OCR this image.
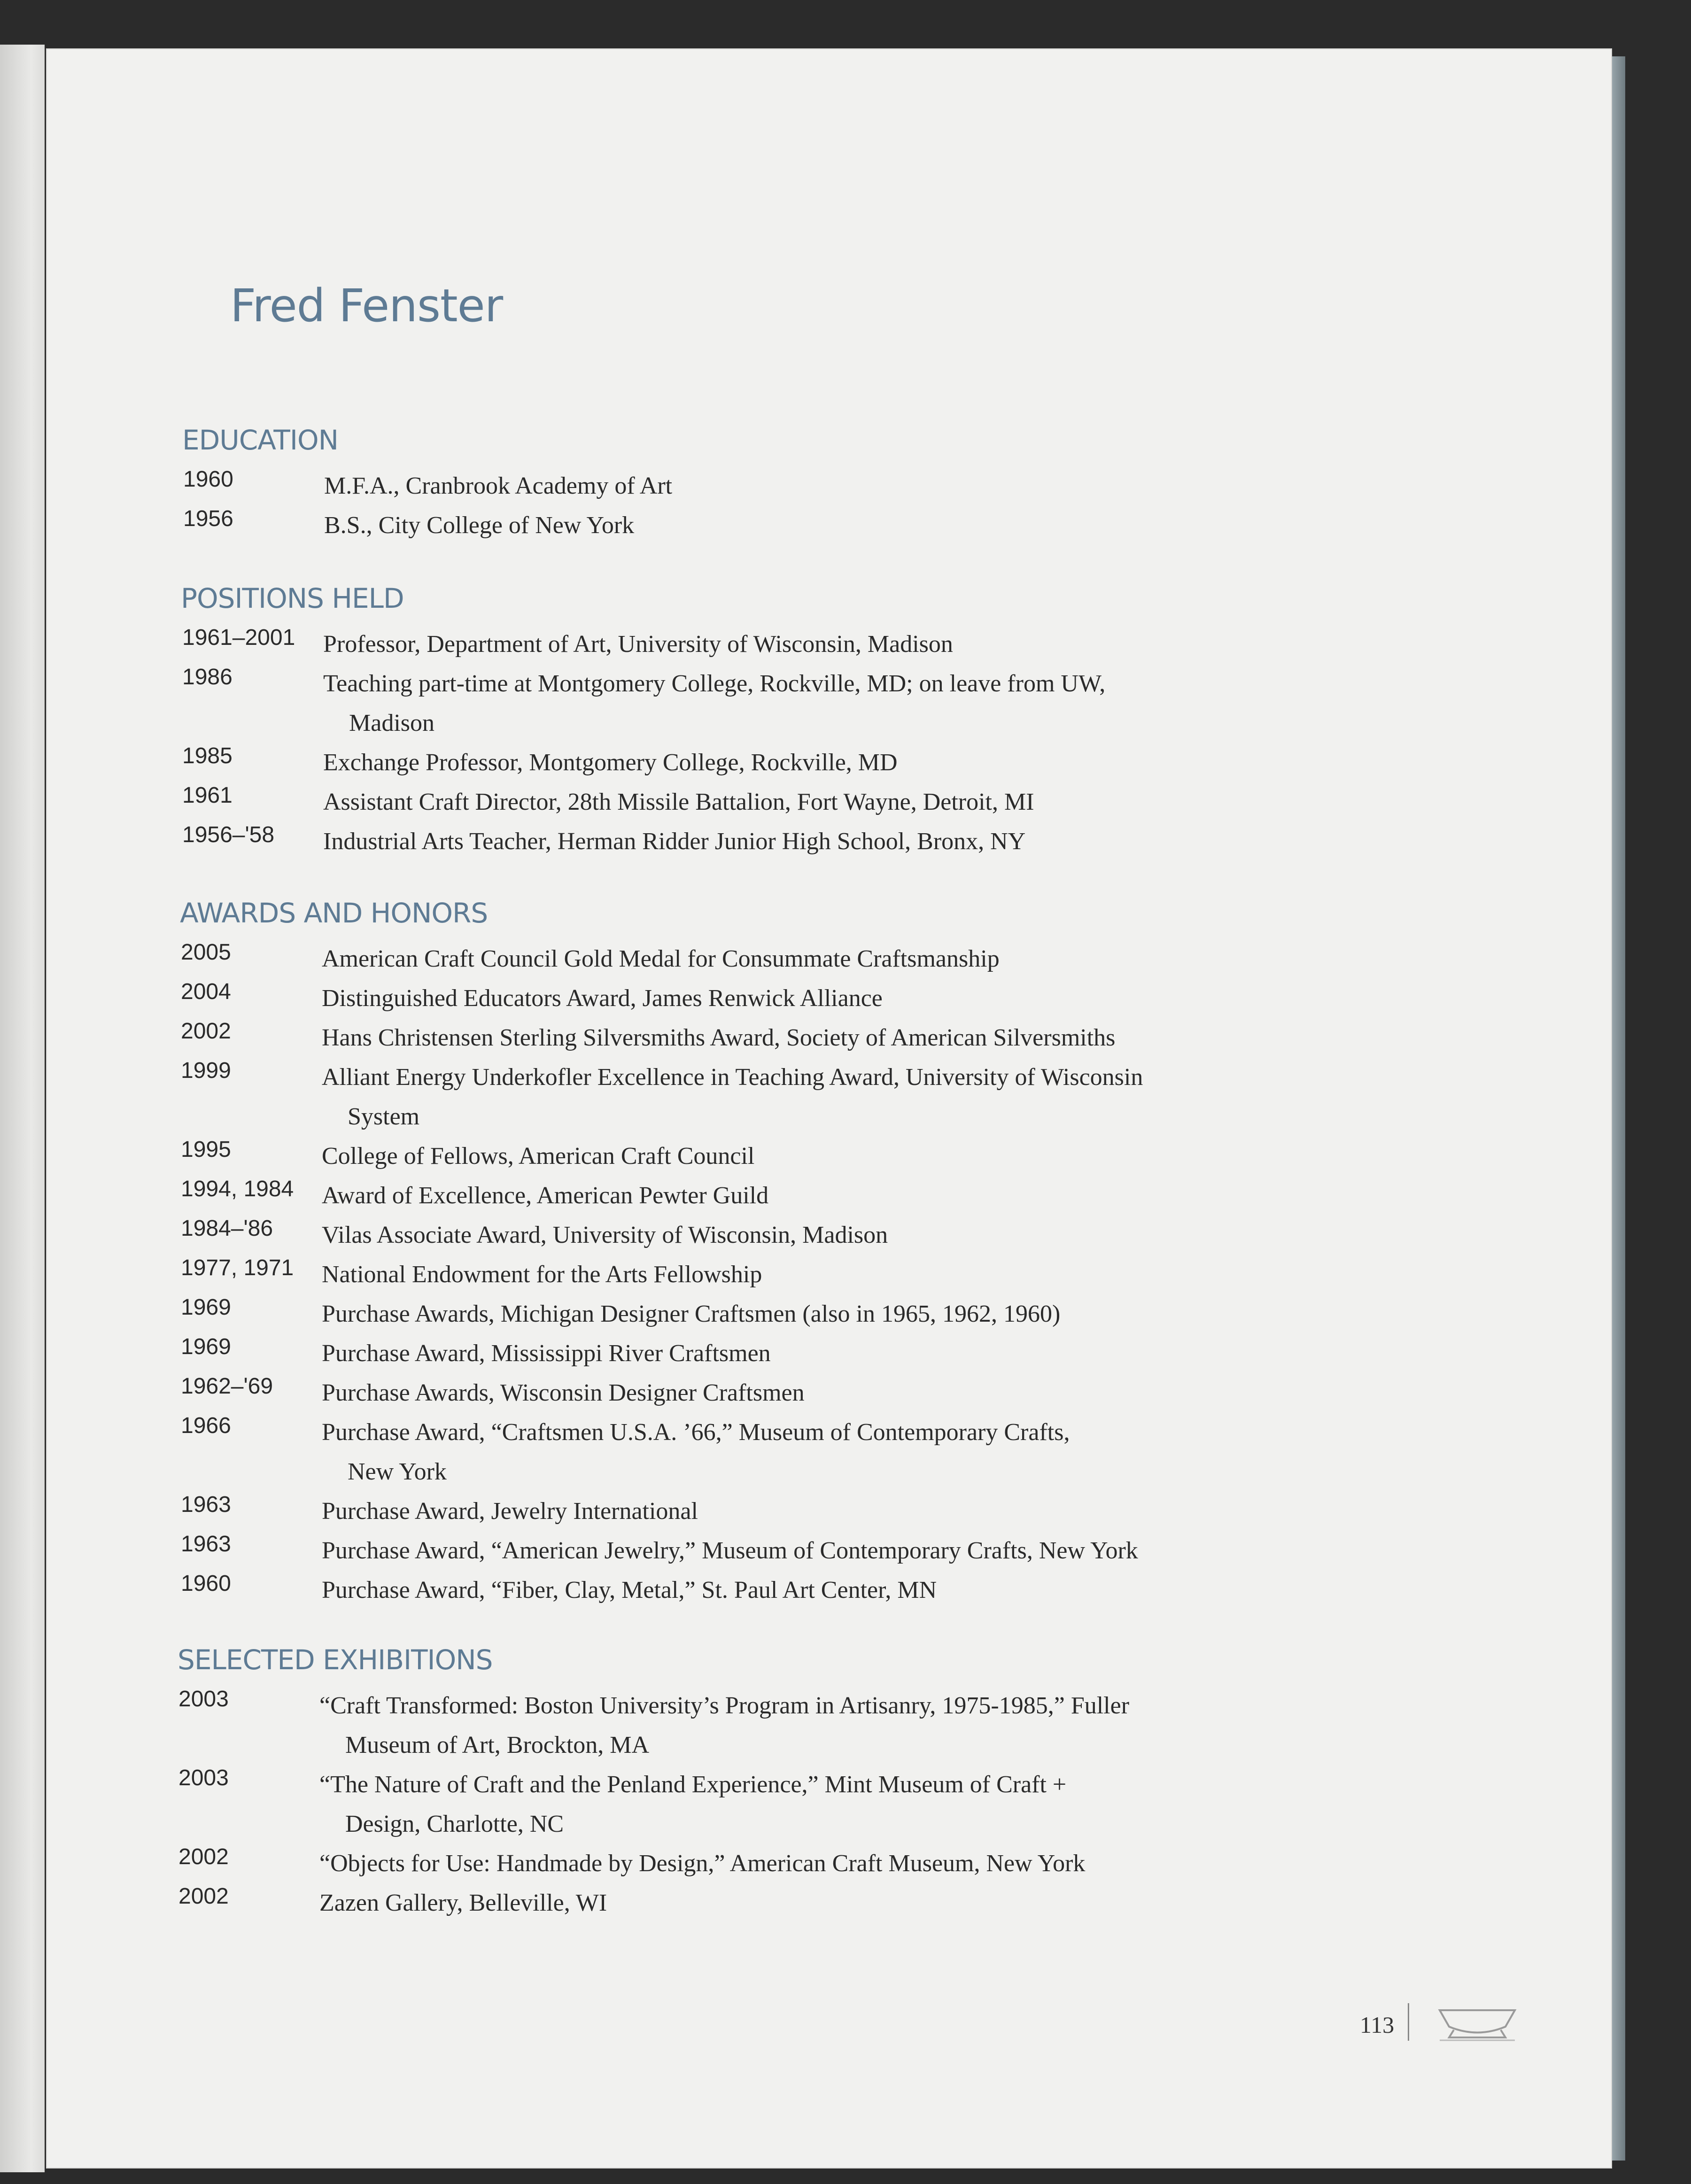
Fred Fenster
EDUCATION
POSITIONS HELD
AWARDS AND HONORS
SELECTED EXHIBITIONS
1960	M.F.A., Cranbrook Academy of Art
1956	B.S., City College of New York
1961–2001 Professor, Department of Art, University of Wisconsin, Madison
1986	Teaching part-time at Montgomery College, Rockville, MD; on leave from UW,
Madison
1985	Exchange Professor, Montgomery College, Rockville, MD
1961	Assistant Craft Director, 28th Missile Battalion, Fort Wayne, Detroit, MI
1956–'58 Industrial Arts Teacher, Herman Ridder Junior High School, Bronx, NY
2005	American Craft Council Gold Medal for Consummate Craftsmanship
2004	Distinguished Educators Award, James Renwick Alliance
2002	Hans Christensen Sterling Silversmiths Award, Society of American Silversmiths
1999	Alliant Energy Underkofler Excellence in Teaching Award, University of Wisconsin
System
1995	College of Fellows, American Craft Council
1994, 1984 Award of Excellence, American Pewter Guild
1984–'86 Vilas Associate Award, University of Wisconsin, Madison
1977, 1971 National Endowment for the Arts Fellowship
1969	Purchase Awards, Michigan Designer Craftsmen (also in 1965, 1962, 1960)
1969	Purchase Award, Mississippi River Craftsmen
1962–'69 Purchase Awards, Wisconsin Designer Craftsmen
1966	Purchase Award, “Craftsmen U.S.A. ’66,” Museum of Contemporary Crafts,
New York
1963	Purchase Award, Jewelry International
1963	Purchase Award, “American Jewelry,” Museum of Contemporary Crafts, New York
1960	Purchase Award, “Fiber, Clay, Metal,” St. Paul Art Center, MN
2003	“Craft Transformed: Boston University’s Program in Artisanry, 1975-1985,” Fuller
Museum of Art, Brockton, MA
2003	“The Nature of Craft and the Penland Experience,” Mint Museum of Craft +
Design, Charlotte, NC
2002	“Objects for Use: Handmade by Design,” American Craft Museum, New York
2002	Zazen Gallery, Belleville, WI
113
